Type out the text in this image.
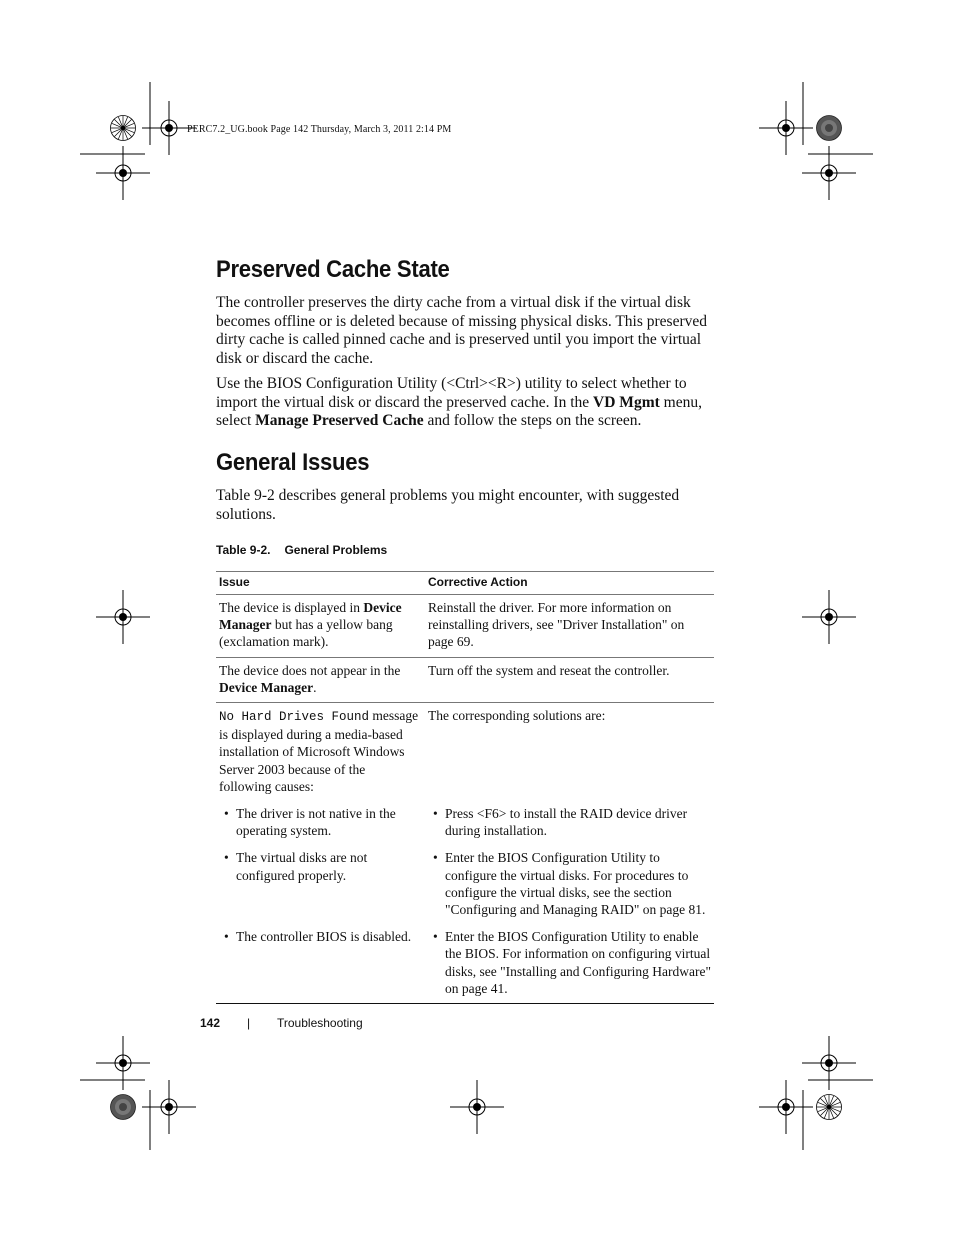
PERC7.2_UG.book Page 142 Thursday, March 3, 2011 2:14 PM
Preserved Cache State

The controller preserves the dirty cache from a virtual disk if the virtual disk becomes offline or is deleted because of missing physical disks. This preserved dirty cache is called pinned cache and is preserved until you import the virtual disk or discard the cache.

Use the BIOS Configuration Utility (<Ctrl><R>) utility to select whether to import the virtual disk or discard the preserved cache. In the VD Mgmt menu, select Manage Preserved Cache and follow the steps on the screen.

General Issues

Table 9-2 describes general problems you might encounter, with suggested solutions.

Table 9-2. General Problems
Issue	Corrective Action
The device is displayed in Device Manager but has a yellow bang (exclamation mark).
Reinstall the driver. For more information on reinstalling drivers, see "Driver Installation" on page 69.
The device does not appear in the Device Manager.
Turn off the system and reseat the controller.
No Hard Drives Found message is displayed during a media-based installation of Microsoft Windows Server 2003 because of the following causes:
The corresponding solutions are:
• The driver is not native in the operating system.
• Press <F6> to install the RAID device driver during installation.
• The virtual disks are not configured properly.
• Enter the BIOS Configuration Utility to configure the virtual disks. For procedures to configure the virtual disks, see the section "Configuring and Managing RAID" on page 81.
• The controller BIOS is disabled.	• Enter the BIOS Configuration Utility to enable the BIOS. For information on configuring virtual disks, see "Installing and Configuring Hardware" on page 41.
142 | Troubleshooting
